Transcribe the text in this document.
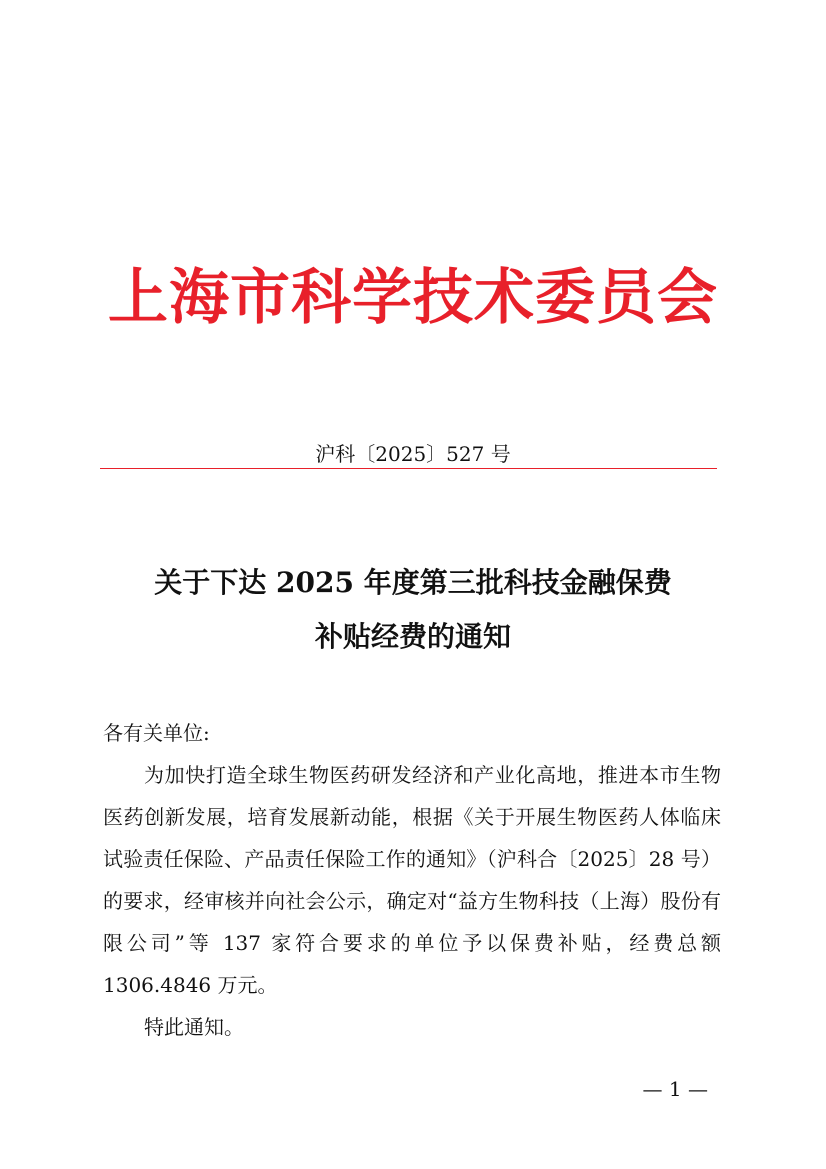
上海市科学技术委员会
沪科〔2025〕527 号
关于下达 2025 年度第三批科技金融保费
补贴经费的通知
各有关单位:
为加快打造全球生物医药研发经济和产业化高地，推进本市生物医药创新发展，培育发展新动能，根据《关于开展生物医药人体临床试验责任保险、产品责任保险工作的通知》（沪科合〔2025〕28 号）的要求，经审核并向社会公示，确定对“益方生物科技（上海）股份有限公司”等 137 家符合要求的单位予以保费补贴，经费总额 1306.4846 万元。
特此通知。
— 1 —
